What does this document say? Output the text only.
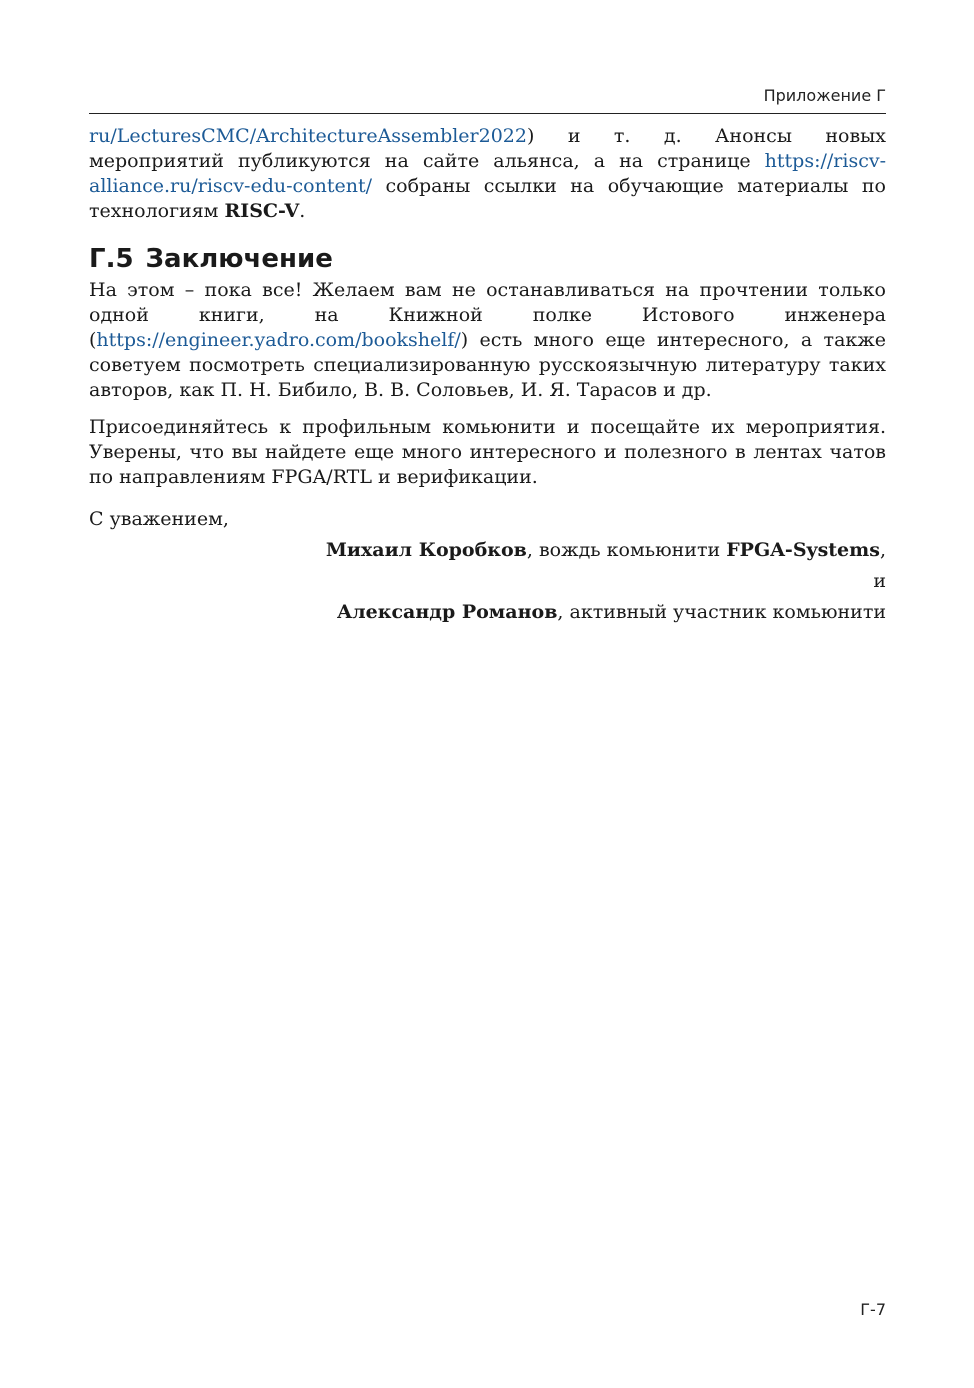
Приложение Г

ru/LecturesCMC/ArchitectureAssembler2022) и т. д. Анонсы новых мероприятий публикуются на сайте альянса, а на странице https://riscv-alliance.ru/riscv-edu-content/ собраны ссылки на обучающие материалы по технологиям RISC-V.

Г.5 Заключение

На этом – пока все! Желаем вам не останавливаться на прочтении только одной книги, на Книжной полке Истового инженера (https://engineer.yadro.com/bookshelf/) есть много еще интересного, а также советуем посмотреть специализированную русскоязычную литературу таких авторов, как П. Н. Бибило, В. В. Соловьев, И. Я. Тарасов и др.

Присоединяйтесь к профильным комьюнити и посещайте их мероприятия. Уверены, что вы найдете еще много интересного и полезного в лентах чатов по направлениям FPGA/RTL и верификации.

С уважением,

Михаил Коробков, вождь комьюнити FPGA-Systems,

и

Александр Романов, активный участник комьюнити

Г-7
